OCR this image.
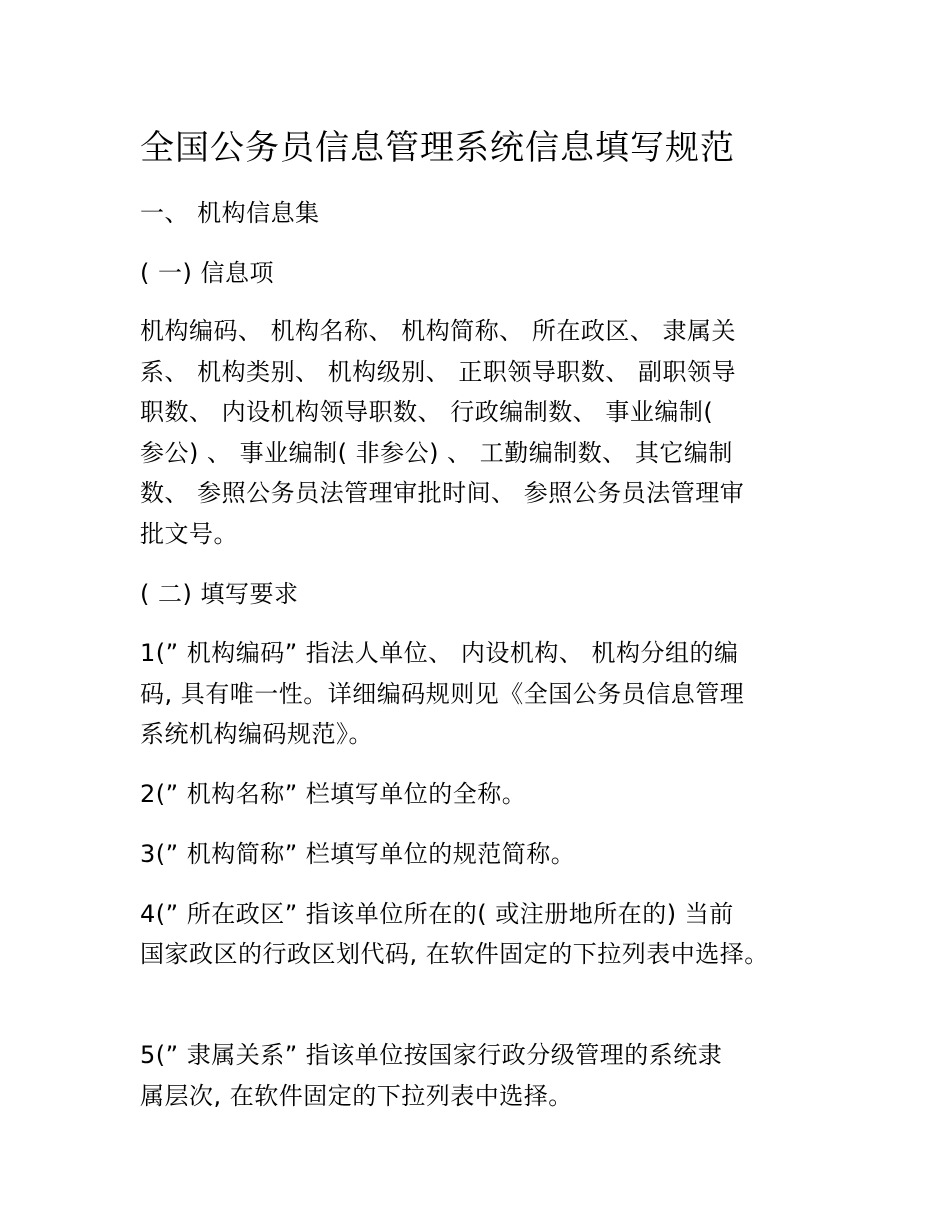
全国公务员信息管理系统信息填写规范

一、 机构信息集

( 一) 信息项

机构编码、 机构名称、 机构简称、 所在政区、 隶属关

系、 机构类别、 机构级别、 正职领导职数、 副职领导

职数、 内设机构领导职数、 行政编制数、 事业编制(

参公) 、 事业编制( 非参公) 、 工勤编制数、 其它编制

数、 参照公务员法管理审批时间、 参照公务员法管理审

批文号。

( 二) 填写要求

1(” 机构编码” 指法人单位、 内设机构、 机构分组的编

码, 具有唯一性。详细编码规则见《全国公务员信息管理

系统机构编码规范》。

2(” 机构名称” 栏填写单位的全称。

3(” 机构简称” 栏填写单位的规范简称。

4(” 所在政区” 指该单位所在的( 或注册地所在的) 当前

国家政区的行政区划代码, 在软件固定的下拉列表中选择。

5(” 隶属关系” 指该单位按国家行政分级管理的系统隶

属层次, 在软件固定的下拉列表中选择。
